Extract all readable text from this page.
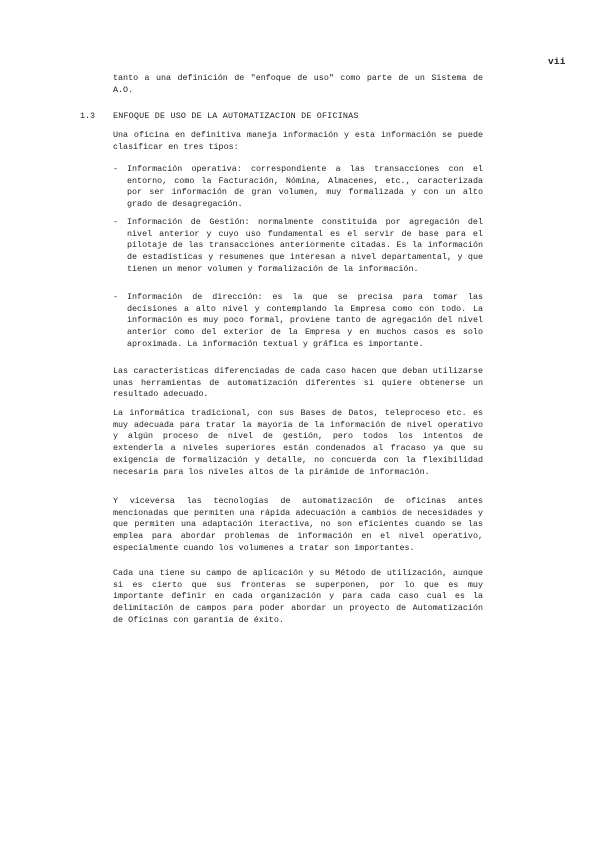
vii

tanto a una definición de "enfoque de uso" como parte de un Sistema de A.O.

1.3 ENFOQUE DE USO DE LA AUTOMATIZACION DE OFICINAS

Una oficina en definitiva maneja información y esta información se puede clasificar en tres tipos:

- Información operativa: correspondiente a las transacciones con el entorno, como la Facturación, Nómina, Almacenes, etc., caracterizada por ser información de gran volumen, muy formalizada y con un alto grado de desagregación.

- Información de Gestión: normalmente constituida por agregación del nivel anterior y cuyo uso fundamental es el servir de base para el pilotaje de las transacciones anteriormente citadas. Es la información de estadísticas y resumenes que interesan a nivel departamental, y que tienen un menor volumen y formalización de la información.

- Información de dirección: es la que se precisa para tomar las decisiones a alto nivel y contemplando la Empresa como con todo. La información es muy poco formal, proviene tanto de agregación del nivel anterior como del exterior de la Empresa y en muchos casos es solo aproximada. La información textual y gráfica es importante.

Las características diferenciadas de cada caso hacen que deban utilizarse unas herramientas de automatización diferentes si quiere obtenerse un resultado adecuado.

La informática tradicional, con sus Bases de Datos, teleproceso etc. es muy adecuada para tratar la mayoría de la información de nivel operativo y algún proceso de nivel de gestión, pero todos los intentos de extenderla a niveles superiores están condenados al fracaso ya que su exigencia de formalización y detalle, no concuerda con la flexibilidad necesaria para los niveles altos de la pirámide de información.

Y viceversa las tecnologías de automatización de oficinas antes mencionadas que permiten una rápida adecuación a cambios de necesidades y que permiten una adaptación iteractiva, no son eficientes cuando se las emplea para abordar problemas de información en el nivel operativo, especialmente cuando los volumenes a tratar son importantes.

Cada una tiene su campo de aplicación y su Método de utilización, aunque si es cierto que sus fronteras se superponen, por lo que es muy importante definir en cada organización y para cada caso cual es la delimitación de campos para poder abordar un proyecto de Automatización de Oficinas con garantía de éxito.
